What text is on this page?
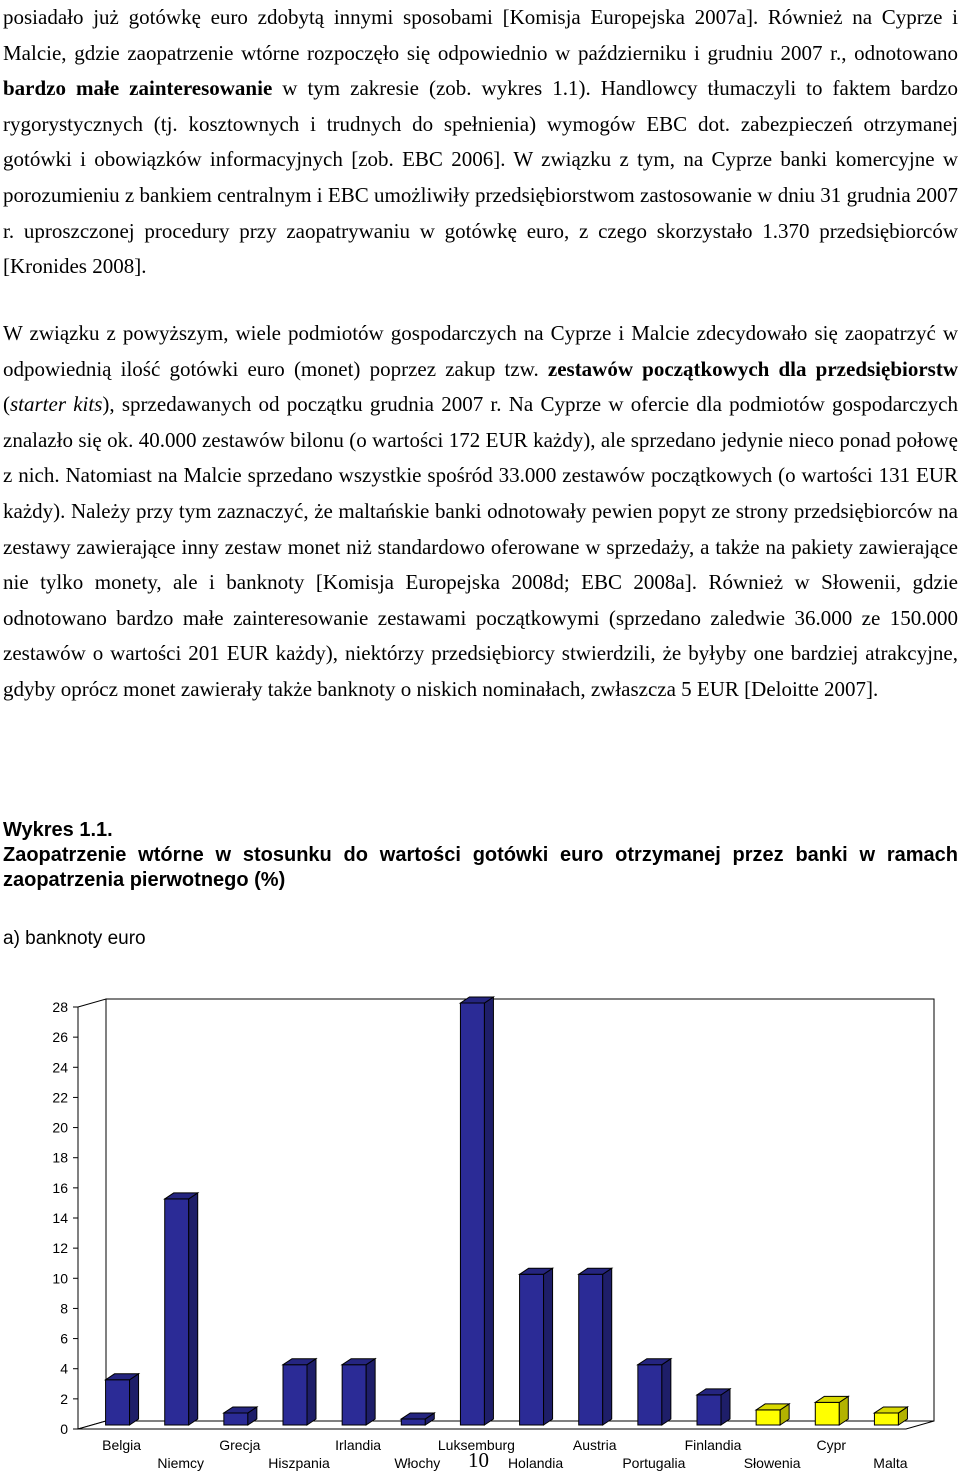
posiadało już gotówkę euro zdobytą innymi sposobami [Komisja Europejska 2007a]. Również na Cyprze i Malcie, gdzie zaopatrzenie wtórne rozpoczęło się odpowiednio w październiku i grudniu 2007 r., odnotowano bardzo małe zainteresowanie w tym zakresie (zob. wykres 1.1). Handlowcy tłumaczyli to faktem bardzo rygorystycznych (tj. kosztownych i trudnych do spełnienia) wymogów EBC dot. zabezpieczeń otrzymanej gotówki i obowiązków informacyjnych [zob. EBC 2006]. W związku z tym, na Cyprze banki komercyjne w porozumieniu z bankiem centralnym i EBC umożliwiły przedsiębiorstwom zastosowanie w dniu 31 grudnia 2007 r. uproszczonej procedury przy zaopatrywaniu w gotówkę euro, z czego skorzystało 1.370 przedsiębiorców [Kronides 2008].

W związku z powyższym, wiele podmiotów gospodarczych na Cyprze i Malcie zdecydowało się zaopatrzyć w odpowiednią ilość gotówki euro (monet) poprzez zakup tzw. zestawów początkowych dla przedsiębiorstw (starter kits), sprzedawanych od początku grudnia 2007 r. Na Cyprze w ofercie dla podmiotów gospodarczych znalazło się ok. 40.000 zestawów bilonu (o wartości 172 EUR każdy), ale sprzedano jedynie nieco ponad połowę z nich. Natomiast na Malcie sprzedano wszystkie spośród 33.000 zestawów początkowych (o wartości 131 EUR każdy). Należy przy tym zaznaczyć, że maltańskie banki odnotowały pewien popyt ze strony przedsiębiorców na zestawy zawierające inny zestaw monet niż standardowo oferowane w sprzedaży, a także na pakiety zawierające nie tylko monety, ale i banknoty [Komisja Europejska 2008d; EBC 2008a]. Również w Słowenii, gdzie odnotowano bardzo małe zainteresowanie zestawami początkowymi (sprzedano zaledwie 36.000 ze 150.000 zestawów o wartości 201 EUR każdy), niektórzy przedsiębiorcy stwierdzili, że byłyby one bardziej atrakcyjne, gdyby oprócz monet zawierały także banknoty o niskich nominałach, zwłaszcza 5 EUR [Deloitte 2007].

Wykres 1.1.
Zaopatrzenie wtórne w stosunku do wartości gotówki euro otrzymanej przez banki w ramach zaopatrzenia pierwotnego (%)
a) banknoty euro
0
2
4
6
8
10
12
14
16
18
20
22
24
26
28
Belgia
Niemcy
Grecja
Hiszpania
Irlandia
Włochy
Luksemburg
Holandia
Austria
Portugalia
Finlandia
Słowenia
Cypr
Malta
10
